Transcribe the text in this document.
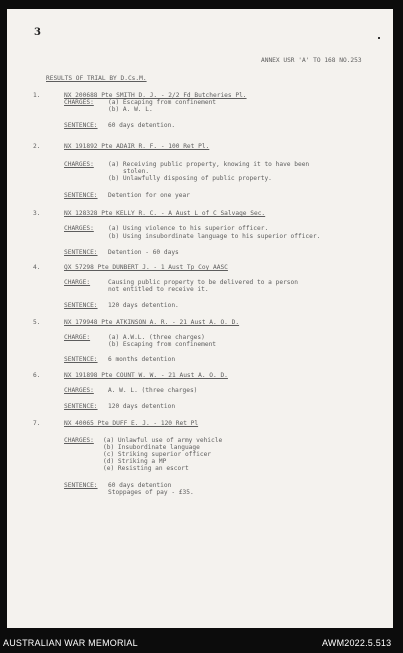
3
ANNEX USR 'A' TO 168 NO.253
RESULTS OF TRIAL BY D.Cs.M.
1.	NX 200688 Pte SMITH D. J. - 2/2 Fd Butcheries Pl.
CHARGES: (a) Escaping from confinement
(b) A. W. L.
SENTENCE: 60 days detention.
2.	NX 191892 Pte ADAIR R. F. - 100 Ret Pl.
CHARGES: (a) Receiving public property, knowing it to have been
stolen.
(b) Unlawfully disposing of public property.
SENTENCE: Detention for one year
3.	NX 128328 Pte KELLY R. C. - A Aust L of C Salvage Sec.
CHARGES: (a) Using violence to his superior officer.
(b) Using insubordinate language to his superior officer.
SENTENCE: Detention - 60 days
4.	QX 57298 Pte DUNBERT J. - 1 Aust Tp Coy AASC
CHARGE:	Causing public property to be delivered to a person
not entitled to receive it.
SENTENCE: 120 days detention.
5.	NX 179948 Pte ATKINSON A. R. - 21 Aust A. O. D.
CHARGE:	(a) A.W.L. (three charges)
(b) Escaping from confinement
SENTENCE: 6 months detention
6.	NX 191898 Pte COUNT W. W. - 21 Aust A. O. D.
CHARGES: A. W. L. (three charges)
SENTENCE: 120 days detention
7.	NX 40065 Pte DUFF E. J. - 120 Ret Pl
CHARGES: (a) Unlawful use of army vehicle
(b) Insubordinate language
(c) Striking superior officer
(d) Striking a MP
(e) Resisting an escort
SENTENCE: 60 days detention
Stoppages of pay - £35.
AUSTRALIAN WAR MEMORIAL	AWM2022.5.513
